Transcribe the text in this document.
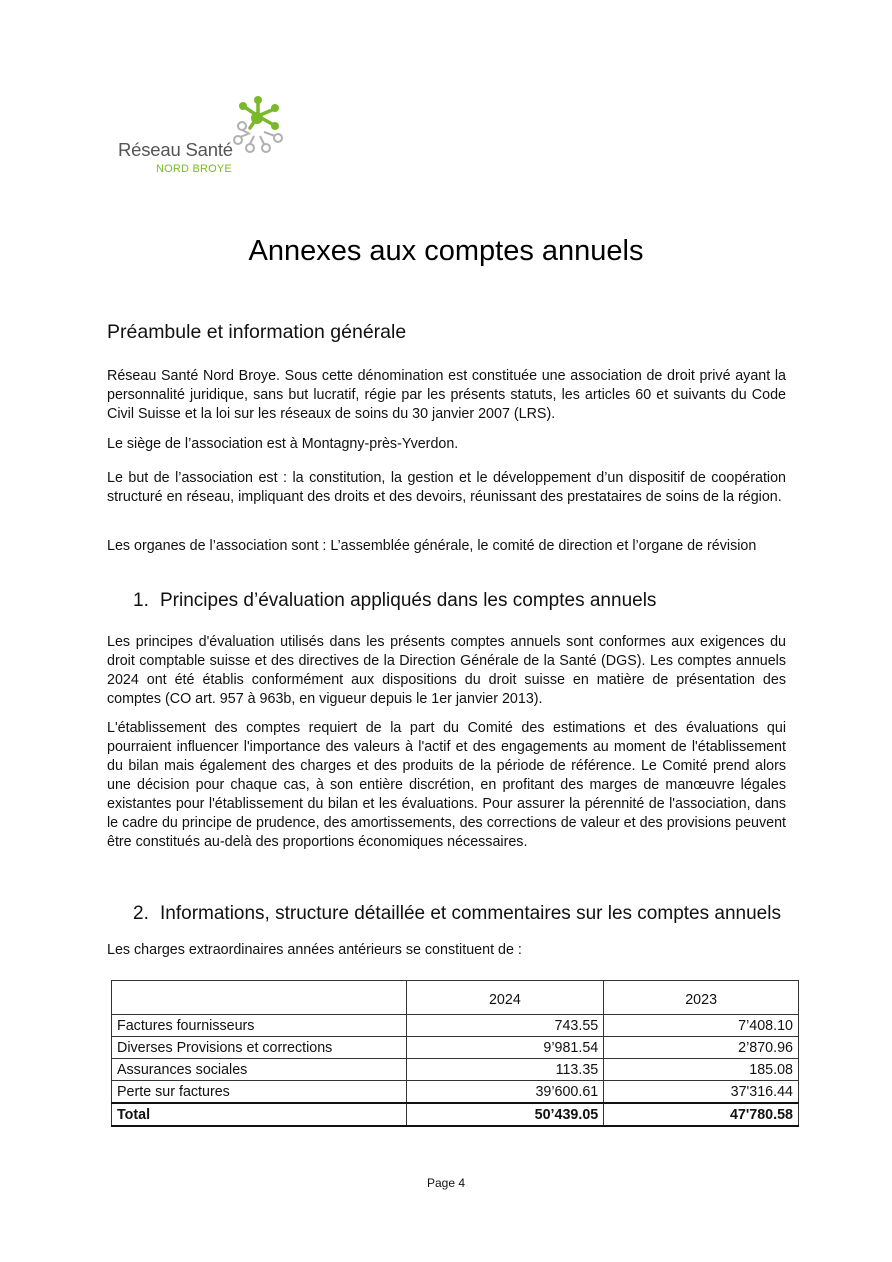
Réseau Santé
NORD BROYE
Annexes aux comptes annuels
Préambule et information générale

Réseau Santé Nord Broye. Sous cette dénomination est constituée une association de droit privé ayant la personnalité juridique, sans but lucratif, régie par les présents statuts, les articles 60 et suivants du Code Civil Suisse et la loi sur les réseaux de soins du 30 janvier 2007 (LRS).

Le siège de l’association est à Montagny-près-Yverdon.

Le but de l’association est : la constitution, la gestion et le développement d’un dispositif de coopération structuré en réseau, impliquant des droits et des devoirs, réunissant des prestataires de soins de la région.

Les organes de l’association sont : L’assemblée générale, le comité de direction et l’organe de révision

1. Principes d’évaluation appliqués dans les comptes annuels

Les principes d'évaluation utilisés dans les présents comptes annuels sont conformes aux exigences du droit comptable suisse et des directives de la Direction Générale de la Santé (DGS). Les comptes annuels 2024 ont été établis conformément aux dispositions du droit suisse en matière de présentation des comptes (CO art. 957 à 963b, en vigueur depuis le 1er janvier 2013).

L'établissement des comptes requiert de la part du Comité des estimations et des évaluations qui pourraient influencer l'importance des valeurs à l'actif et des engagements au moment de l'établissement du bilan mais également des charges et des produits de la période de référence. Le Comité prend alors une décision pour chaque cas, à son entière discrétion, en profitant des marges de manœuvre légales existantes pour l'établissement du bilan et les évaluations. Pour assurer la pérennité de l'association, dans le cadre du principe de prudence, des amortissements, des corrections de valeur et des provisions peuvent être constitués au-delà des proportions économiques nécessaires.

2. Informations, structure détaillée et commentaires sur les comptes annuels

Les charges extraordinaires années antérieurs se constituent de :

	2024	2023
Factures fournisseurs	743.55	7’408.10
Diverses Provisions et corrections	9’981.54	2’870.96
Assurances sociales	113.35	185.08
Perte sur factures	39’600.61	37'316.44
Total	50’439.05	47'780.58
Page 4
